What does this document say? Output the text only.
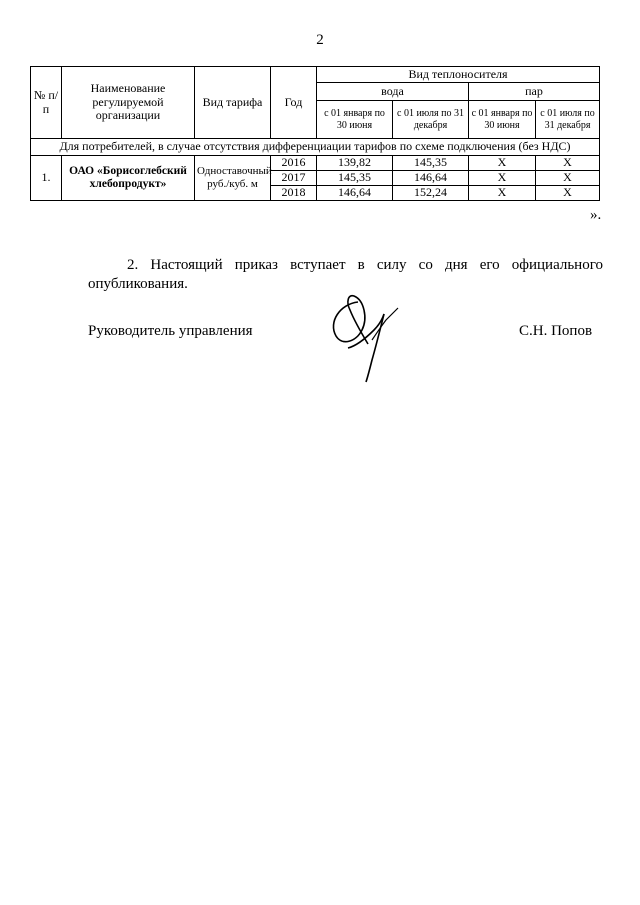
2
№ п/п	Наименование регулируемой организации	Вид тарифа	Год	Вид теплоносителя			
				вода		пар	
				с 01 января по 30 июня	с 01 июля по 31 декабря	с 01 января по 30 июня	с 01 июля по 31 декабря
Для потребителей, в случае отсутствия дифференциации тарифов по схеме подключения (без НДС)							
1.	ОАО «Борисоглебский хлебопродукт»	Одноставочный руб./куб. м	2016	139,82	145,35	X	X
			2017	145,35	146,64	X	X
			2018	146,64	152,24	X	X
».
2. Настоящий приказ вступает в силу со дня его официального опубликования.
Руководитель управления	С.Н. Попов
